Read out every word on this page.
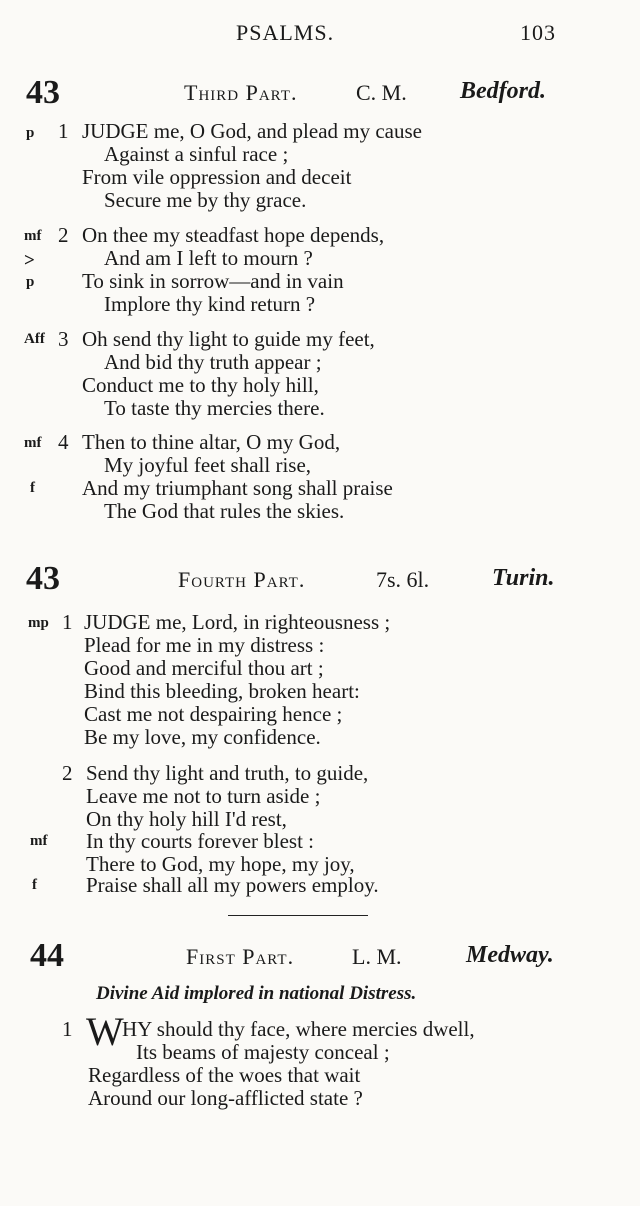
PSALMS.	103
43	Third Part.	C. M. Bedford.
p 1 JUDGE me, O God, and plead my cause
Against a sinful race ;
From vile oppression and deceit
Secure me by thy grace.
mf 2 On thee my steadfast hope depends,
>	And am I left to mourn ?
p To sink in sorrow—and in vain
Implore thy kind return ?
Aff 3 Oh send thy light to guide my feet,
And bid thy truth appear ;
Conduct me to thy holy hill,
To taste thy mercies there.
mf 4 Then to thine altar, O my God,
My joyful feet shall rise,
f And my triumphant song shall praise
The God that rules the skies.
43	Fourth Part.	7s. 6l.	Turin.
mp 1 JUDGE me, Lord, in righteousness ;
Plead for me in my distress :
Good and merciful thou art ;
Bind this bleeding, broken heart:
Cast me not despairing hence ;
Be my love, my confidence.
2 Send thy light and truth, to guide,
Leave me not to turn aside ;
On thy holy hill I'd rest,
mf In thy courts forever blest :
There to God, my hope, my joy,
f Praise shall all my powers employ.
44	First Part.	L. M.	Medway.
Divine Aid implored in national Distress.
1 W
HY should thy face, where mercies dwell,
Its beams of majesty conceal ;
Regardless of the woes that wait
Around our long-afflicted state ?
